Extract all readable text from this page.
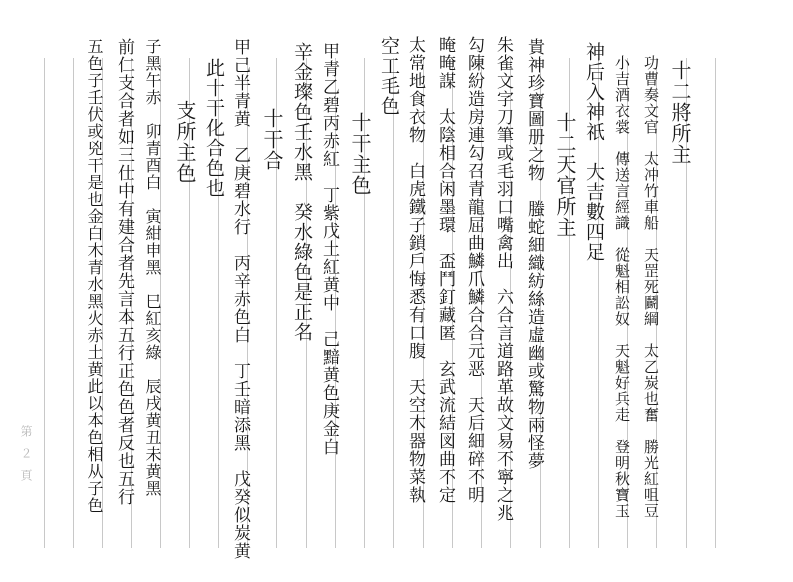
十二將所主
功曹奏文官　太冲竹車船　天罡死鬬綱　太乙炭也奮　勝光紅咀豆
小吉酒衣裳　傳送言經識　從魁相訟奴　天魁好兵走　登明秋寶玉
神后入神祇　大吉數四足
十二天官所主
貴神珍寶圖册之物　螣蛇細織紡絲造虛幽或驚物兩怪夢
朱雀文字刀筆或毛羽口嘴禽出　六合言道路革故文易不寧之兆
勾陳紛造房連勾召青龍屈曲鱗爪鱗合合元恶　天后細碎不明
晻晻謀　太陰相合闲墨環　盃鬥釘藏匿　玄武流結図曲不定
太常地食衣物　白虎鐵子鎖戶悔悉有口腹　天空木器物菜執
空工毛色
十干主色
甲青乙碧丙赤紅　丁紫戊土紅黄中　己黯黄色庚金白
辛金璨色壬水黑　癸水綠色是正名
十干合
甲己半青黄　乙庚碧水行　丙辛赤色白　丁壬暗添黑　戊癸似炭黄
此十干化合色也
支所主色
子黑午赤　卯青酉白　寅紺申黑　巳紅亥綠　辰戌黄丑未黄黑
前仁支合者如三仕中有建合者先言本五行正色色者反也五行
五色子壬伏或兇干是也金白木青水黑火赤土黄此以本色相从子色
第２頁
